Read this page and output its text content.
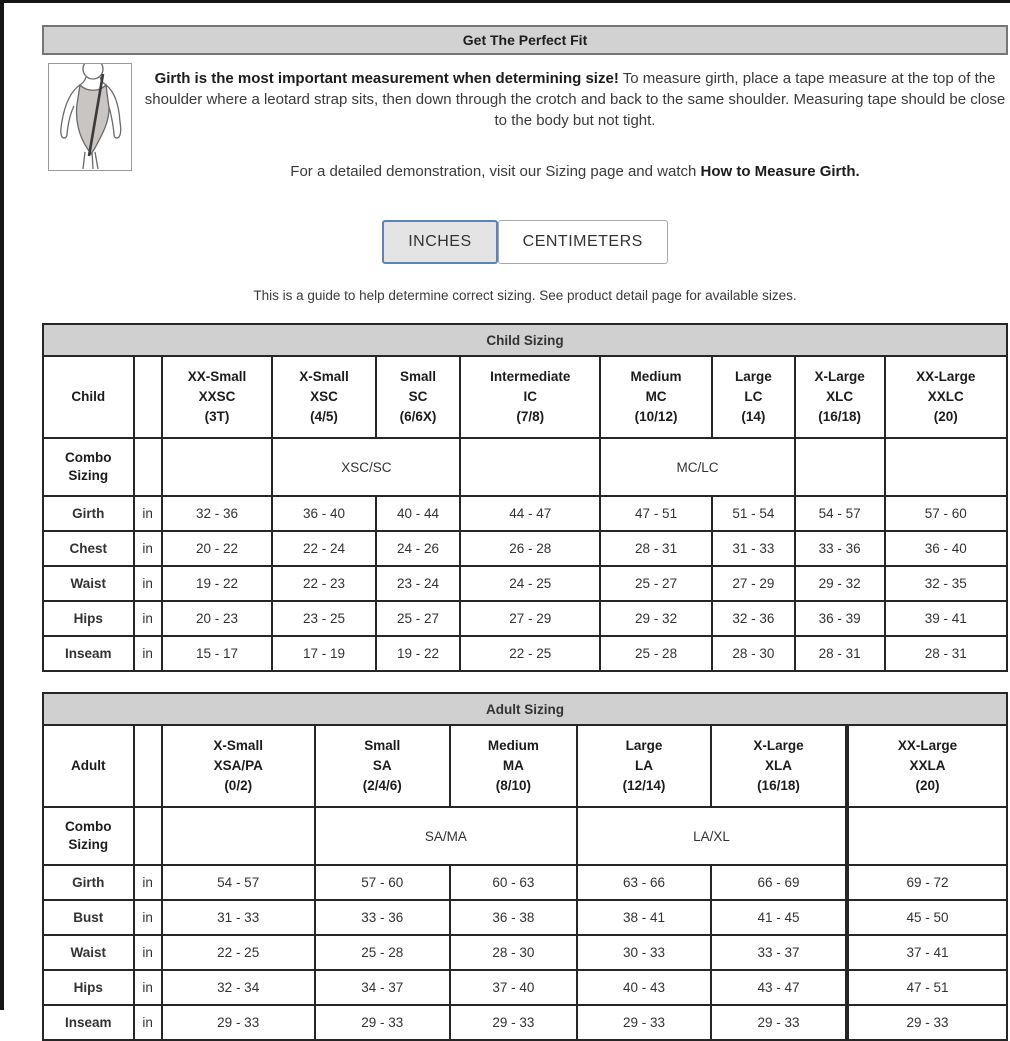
Get The Perfect Fit

Girth is the most important measurement when determining size! To measure girth, place a tape measure at the top of the shoulder where a leotard strap sits, then down through the crotch and back to the same shoulder. Measuring tape should be close to the body but not tight.

For a detailed demonstration, visit our Sizing page and watch How to Measure Girth.

INCHES	CENTIMETERS

This is a guide to help determine correct sizing. See product detail page for available sizes.

Child Sizing									
Child		XX-Small
XXSC
(3T)	X-Small
XSC
(4/5)	Small
SC
(6/6X)	Intermediate
IC
(7/8)	Medium
MC
(10/12)	Large
LC
(14)	X-Large
XLC
(16/18)	XX-Large
XXLC
(20)
Combo Sizing			XSC/SC			MC/LC			
Girth	in	32 - 36	36 - 40	40 - 44	44 - 47	47 - 51	51 - 54	54 - 57	57 - 60
Chest	in	20 - 22	22 - 24	24 - 26	26 - 28	28 - 31	31 - 33	33 - 36	36 - 40
Waist	in	19 - 22	22 - 23	23 - 24	24 - 25	25 - 27	27 - 29	29 - 32	32 - 35
Hips	in	20 - 23	23 - 25	25 - 27	27 - 29	29 - 32	32 - 36	36 - 39	39 - 41
Inseam	in	15 - 17	17 - 19	19 - 22	22 - 25	25 - 28	28 - 30	28 - 31	28 - 31
Adult Sizing							
Adult		X-Small
XSA/PA
(0/2)	Small
SA
(2/4/6)	Medium
MA
(8/10)	Large
LA
(12/14)	X-Large
XLA
(16/18)	XX-Large
XXLA
(20)
Combo Sizing			SA/MA		LA/XL		
Girth	in	54 - 57	57 - 60	60 - 63	63 - 66	66 - 69	69 - 72
Bust	in	31 - 33	33 - 36	36 - 38	38 - 41	41 - 45	45 - 50
Waist	in	22 - 25	25 - 28	28 - 30	30 - 33	33 - 37	37 - 41
Hips	in	32 - 34	34 - 37	37 - 40	40 - 43	43 - 47	47 - 51
Inseam	in	29 - 33	29 - 33	29 - 33	29 - 33	29 - 33	29 - 33
